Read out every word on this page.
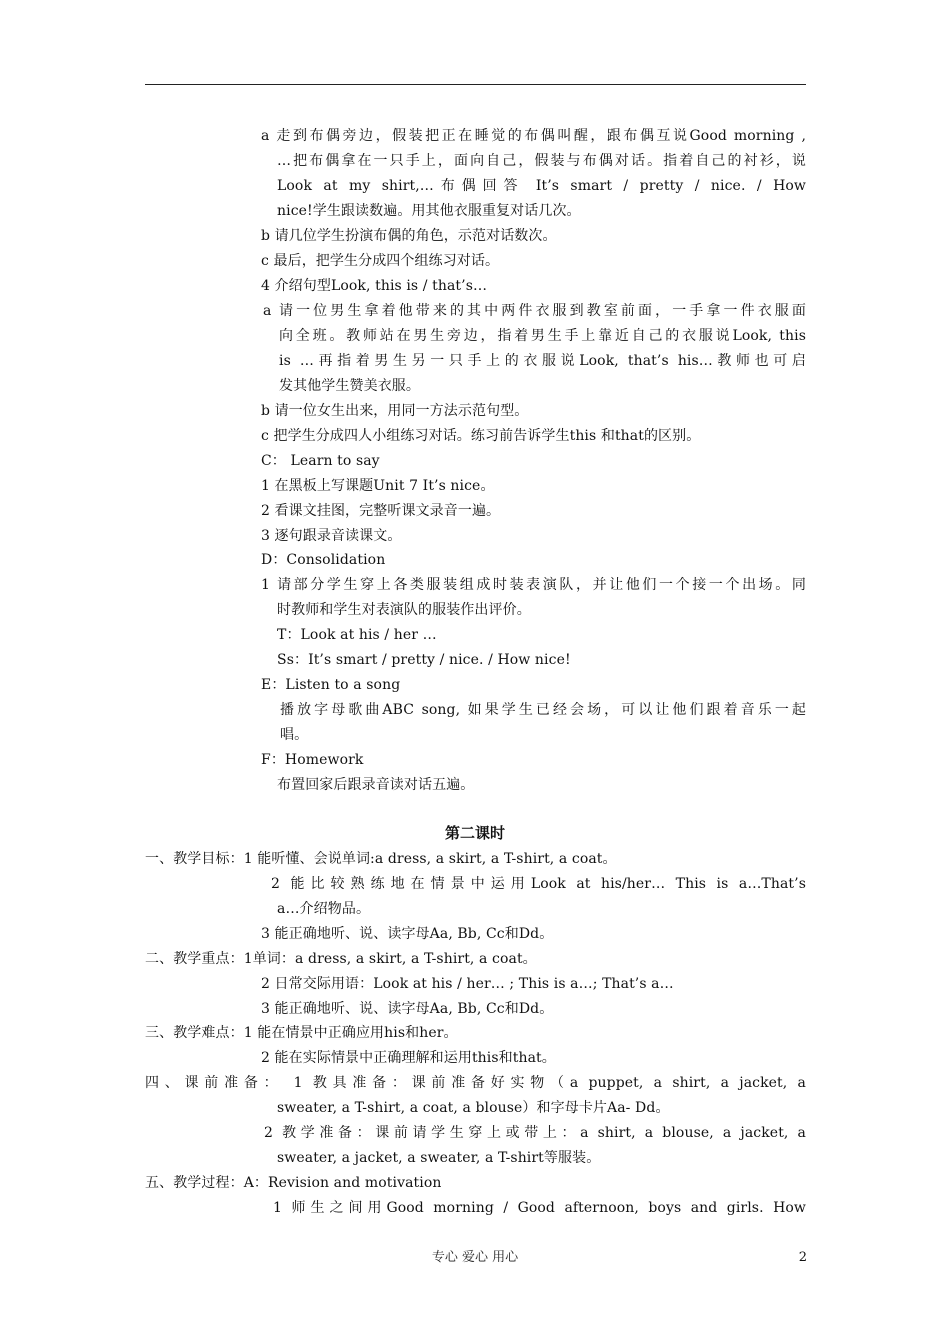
a 走到布偶旁边，假装把正在睡觉的布偶叫醒，跟布偶互说Good morning ,
…把布偶拿在一只手上，面向自己，假装与布偶对话。指着自己的衬衫，说
Look at my shirt,…布偶回答 It’s smart / pretty / nice. / How
nice!学生跟读数遍。用其他衣服重复对话几次。
b 请几位学生扮演布偶的角色，示范对话数次。
c 最后，把学生分成四个组练习对话。
4 介绍句型Look, this is / that’s…
a 请一位男生拿着他带来的其中两件衣服到教室前面，一手拿一件衣服面
向全班。教师站在男生旁边，指着男生手上靠近自己的衣服说Look, this
is …再指着男生另一只手上的衣服说Look, that’s his…教师也可启
发其他学生赞美衣服。
b 请一位女生出来，用同一方法示范句型。
c 把学生分成四人小组练习对话。练习前告诉学生this 和that的区别。
C： Learn to say
1 在黑板上写课题Unit 7 It’s nice。
2 看课文挂图，完整听课文录音一遍。
3 逐句跟录音读课文。
D：Consolidation
1 请部分学生穿上各类服装组成时装表演队，并让他们一个接一个出场。同
时教师和学生对表演队的服装作出评价。
T：Look at his / her …
Ss：It’s smart / pretty / nice. / How nice!
E：Listen to a song
播放字母歌曲ABC song, 如果学生已经会场，可以让他们跟着音乐一起
唱。
F：Homework
布置回家后跟录音读对话五遍。
第二课时
一、教学目标：1 能听懂、会说单词:a dress, a skirt, a T-shirt, a coat。
2 能比较熟练地在情景中运用Look at his/her… This is a…That’s
a…介绍物品。
3 能正确地听、说、读字母Aa, Bb, Cc和Dd。
二、教学重点：1单词：a dress, a skirt, a T-shirt, a coat。
2 日常交际用语：Look at his / her… ; This is a…; That’s a…
3 能正确地听、说、读字母Aa, Bb, Cc和Dd。
三、教学难点：1 能在情景中正确应用his和her。
2 能在实际情景中正确理解和运用this和that。
四、课前准备： 1 教具准备：课前准备好实物（a puppet, a shirt, a jacket, a
sweater, a T-shirt, a coat, a blouse）和字母卡片Aa- Dd。
2 教学准备：课前请学生穿上或带上：a shirt, a blouse, a jacket, a
sweater, a jacket, a sweater, a T-shirt等服装。
五、教学过程：A：Revision and motivation
1 师生之间用Good morning / Good afternoon, boys and girls. How
专心 爱心 用心	2
